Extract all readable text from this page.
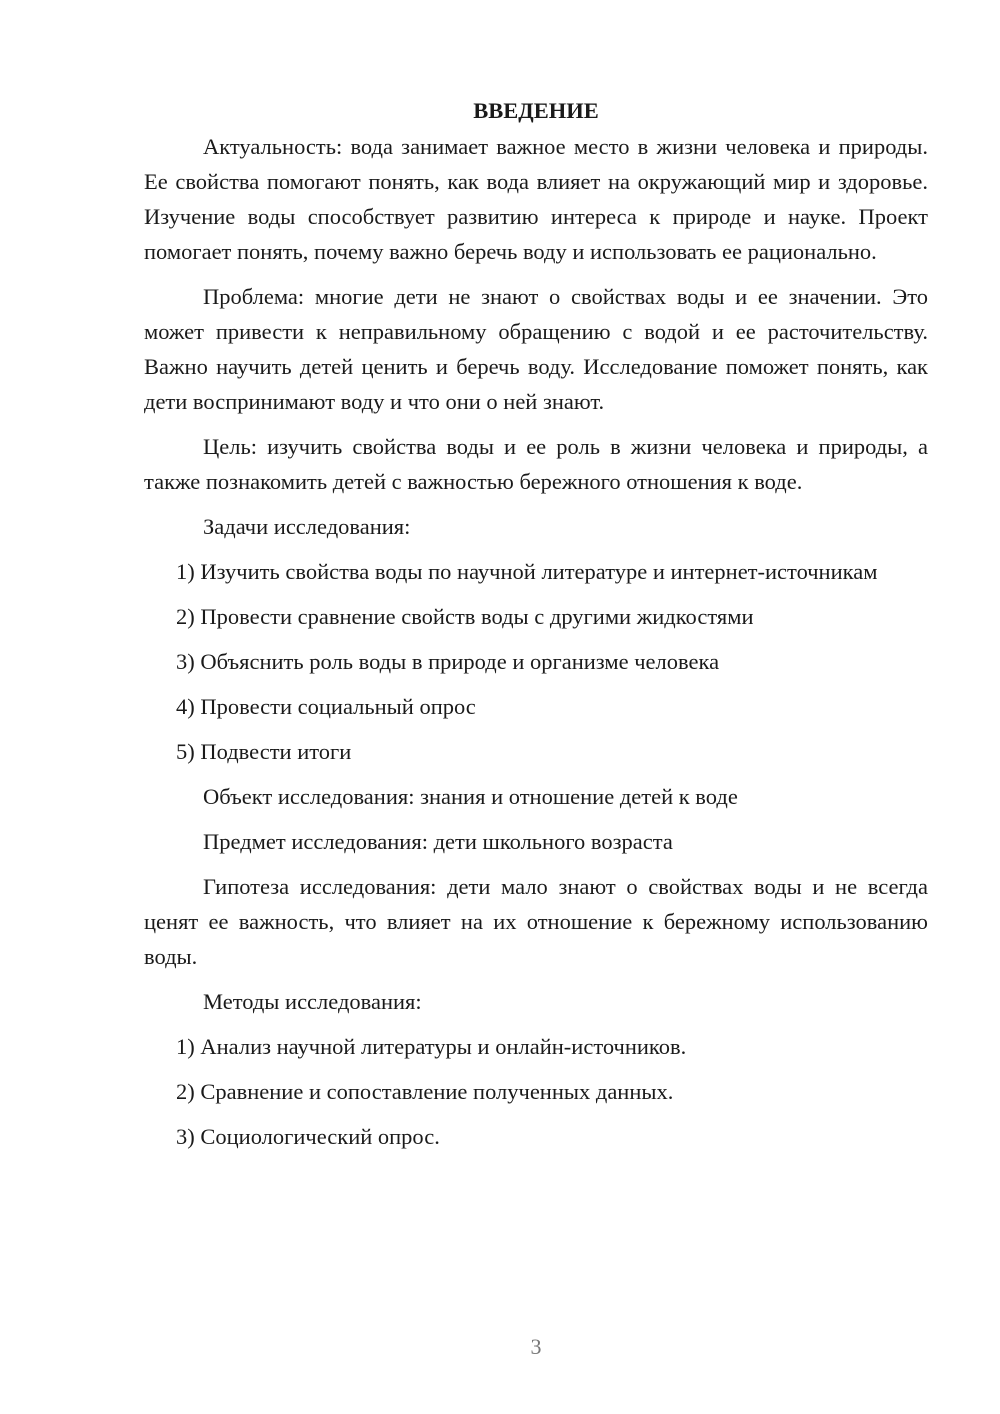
ВВЕДЕНИЕ

Актуальность: вода занимает важное место в жизни человека и природы. Ее свойства помогают понять, как вода влияет на окружающий мир и здоровье. Изучение воды способствует развитию интереса к природе и науке. Проект помогает понять, почему важно беречь воду и использовать ее рационально.

Проблема: многие дети не знают о свойствах воды и ее значении. Это может привести к неправильному обращению с водой и ее расточительству. Важно научить детей ценить и беречь воду. Исследование поможет понять, как дети воспринимают воду и что они о ней знают.

Цель: изучить свойства воды и ее роль в жизни человека и природы, а также познакомить детей с важностью бережного отношения к воде.

Задачи исследования:

1) Изучить свойства воды по научной литературе и интернет-источникам

2) Провести сравнение свойств воды с другими жидкостями

3) Объяснить роль воды в природе и организме человека

4) Провести социальный опрос

5) Подвести итоги

Объект исследования: знания и отношение детей к воде

Предмет исследования: дети школьного возраста

Гипотеза исследования: дети мало знают о свойствах воды и не всегда ценят ее важность, что влияет на их отношение к бережному использованию воды.

Методы исследования:

1) Анализ научной литературы и онлайн-источников.

2) Сравнение и сопоставление полученных данных.

3) Социологический опрос.

3
